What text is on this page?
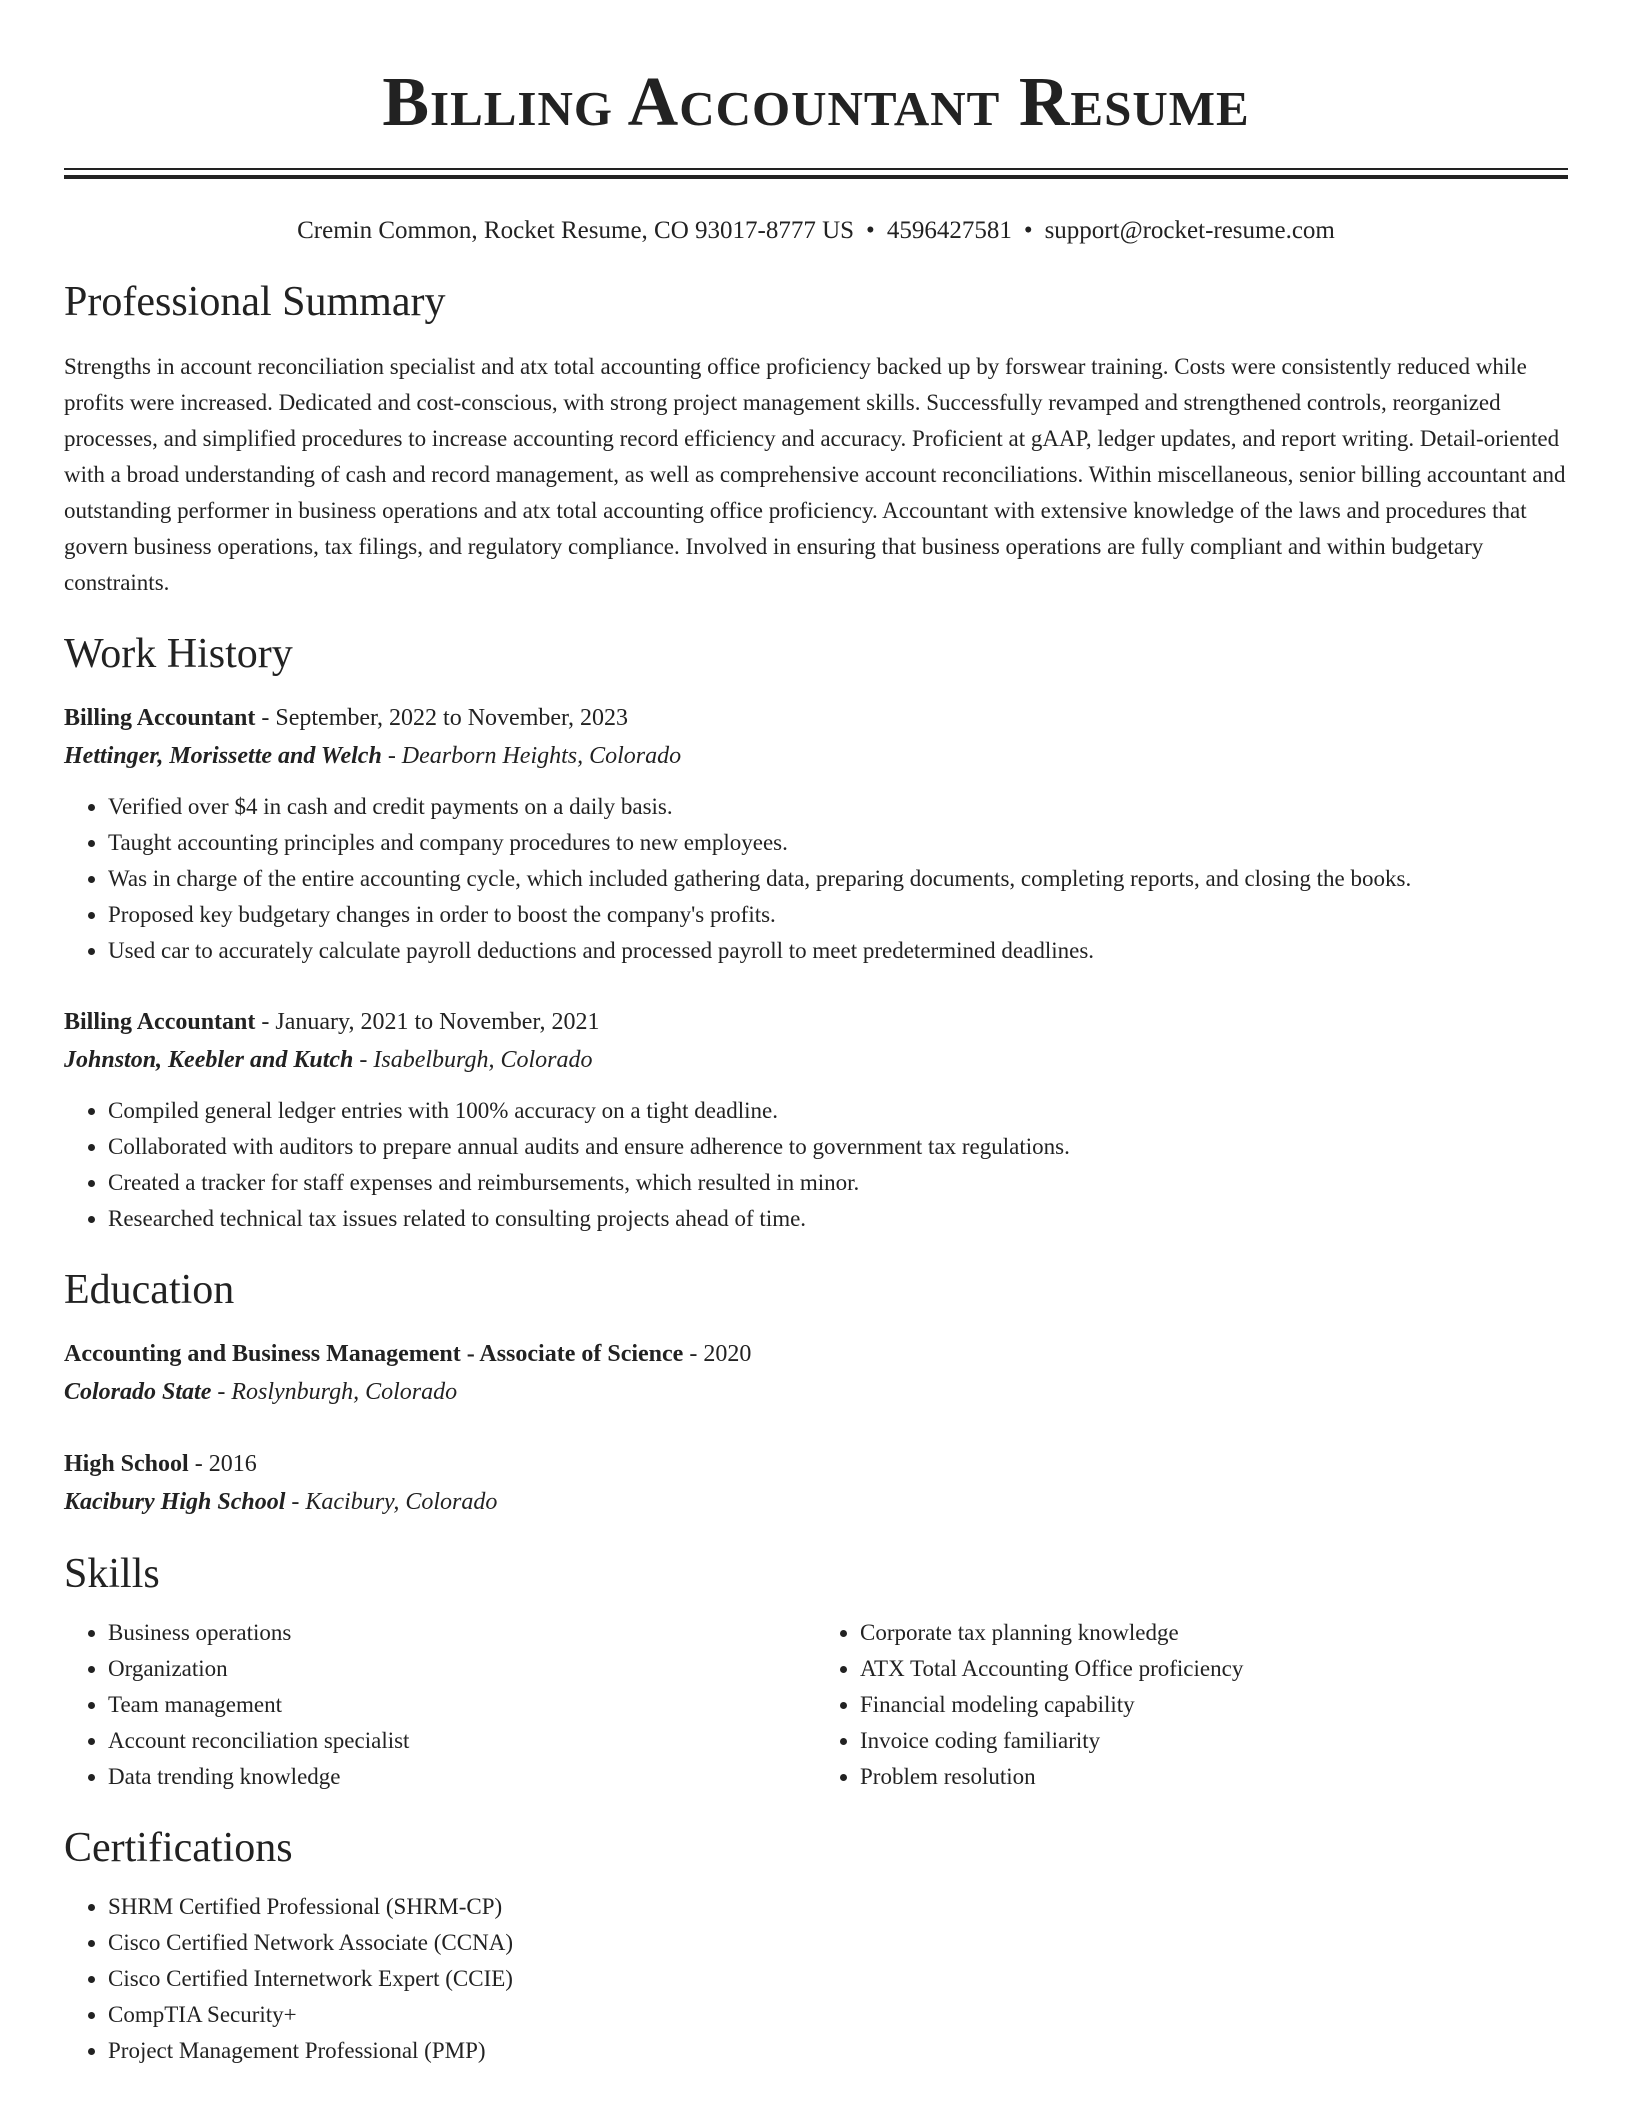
Billing Accountant Resume
Cremin Common, Rocket Resume, CO 93017-8777 US • 4596427581 • support@rocket-resume.com
Professional Summary

Strengths in account reconciliation specialist and atx total accounting office proficiency backed up by forswear training. Costs were consistently reduced while profits were increased. Dedicated and cost-conscious, with strong project management skills. Successfully revamped and strengthened controls, reorganized processes, and simplified procedures to increase accounting record efficiency and accuracy. Proficient at gAAP, ledger updates, and report writing. Detail-oriented with a broad understanding of cash and record management, as well as comprehensive account reconciliations. Within miscellaneous, senior billing accountant and outstanding performer in business operations and atx total accounting office proficiency. Accountant with extensive knowledge of the laws and procedures that govern business operations, tax filings, and regulatory compliance. Involved in ensuring that business operations are fully compliant and within budgetary constraints.

Work History

Billing Accountant - September, 2022 to November, 2023

Hettinger, Morissette and Welch - Dearborn Heights, Colorado

• Verified over $4 in cash and credit payments on a daily basis.
• Taught accounting principles and company procedures to new employees.
• Was in charge of the entire accounting cycle, which included gathering data, preparing documents, completing reports, and closing the books.
• Proposed key budgetary changes in order to boost the company's profits.
• Used car to accurately calculate payroll deductions and processed payroll to meet predetermined deadlines.

Billing Accountant - January, 2021 to November, 2021

Johnston, Keebler and Kutch - Isabelburgh, Colorado

• Compiled general ledger entries with 100% accuracy on a tight deadline.
• Collaborated with auditors to prepare annual audits and ensure adherence to government tax regulations.
• Created a tracker for staff expenses and reimbursements, which resulted in minor.
• Researched technical tax issues related to consulting projects ahead of time.
Education

Accounting and Business Management - Associate of Science - 2020

Colorado State - Roslynburgh, Colorado

High School - 2016

Kacibury High School - Kacibury, Colorado

Skills
• Business operations
• Organization
• Team management
• Account reconciliation specialist
• Data trending knowledge
• Corporate tax planning knowledge
• ATX Total Accounting Office proficiency
• Financial modeling capability
• Invoice coding familiarity
• Problem resolution
Certifications
• SHRM Certified Professional (SHRM-CP)
• Cisco Certified Network Associate (CCNA)
• Cisco Certified Internetwork Expert (CCIE)
• CompTIA Security+
• Project Management Professional (PMP)
